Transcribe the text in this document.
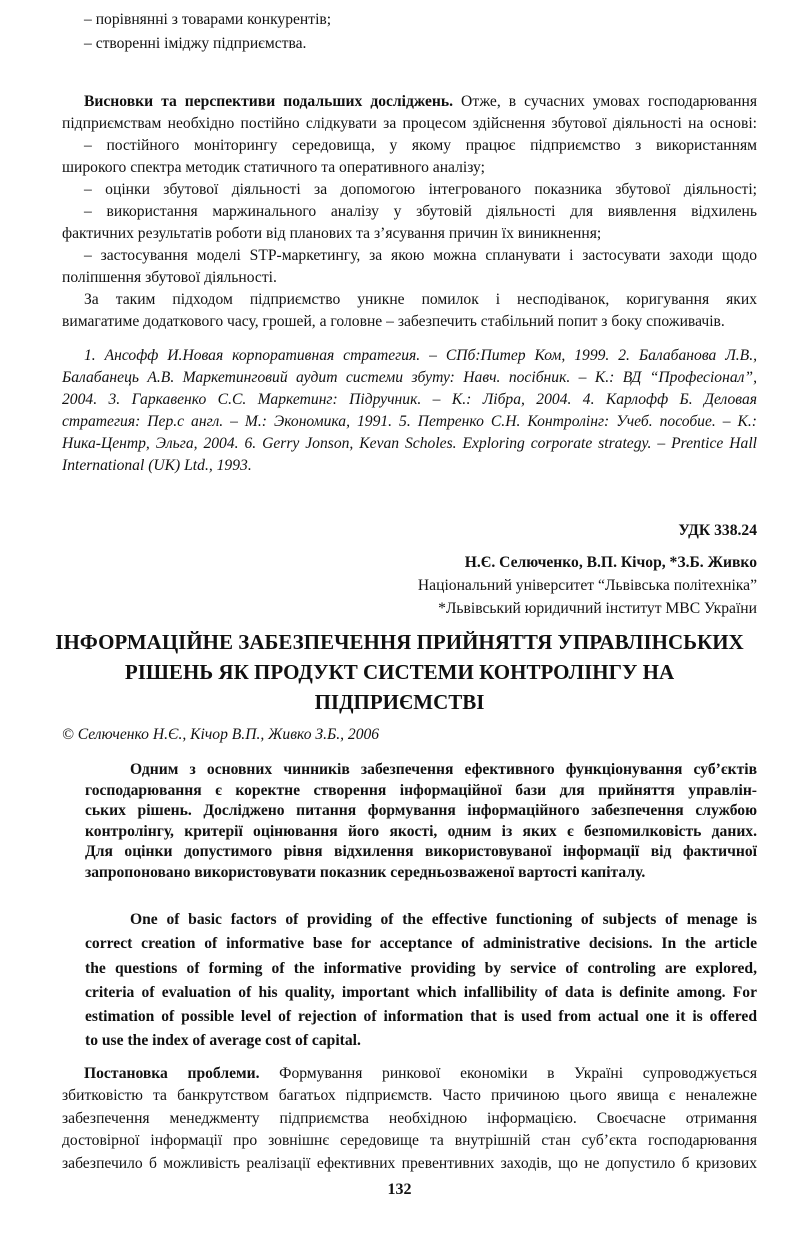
– порівнянні з товарами конкурентів;
– створенні іміджу підприємства.
Висновки та перспективи подальших досліджень. Отже, в сучасних умовах господарювання
підприємствам необхідно постійно слідкувати за процесом здійснення збутової діяльності на основі:
– постійного моніторингу середовища, у якому працює підприємство з використанням
широкого спектра методик статичного та оперативного аналізу;
– оцінки збутової діяльності за допомогою інтегрованого показника збутової діяльності;
– використання маржинального аналізу у збутовій діяльності для виявлення відхилень
фактичних результатів роботи від планових та з’ясування причин їх виникнення;
– застосування моделі STP-маркетингу, за якою можна спланувати і застосувати заходи щодо
поліпшення збутової діяльності.
За таким підходом підприємство уникне помилок і несподіванок, коригування яких
вимагатиме додаткового часу, грошей, а головне – забезпечить стабільний попит з боку споживачів.
1. Ансофф И.Новая корпоративная стратегия. – СПб:Питер Ком, 1999. 2. Балабанова Л.В.,
Балабанець А.В. Маркетинговий аудит системи збуту: Навч. посібник. – К.: ВД “Професіонал”,
2004. 3. Гаркавенко С.С. Маркетинг: Підручник. – К.: Лібра, 2004. 4. Карлофф Б. Деловая
стратегия: Пер.с англ. – М.: Экономика, 1991. 5. Петренко С.Н. Контролінг: Учеб. пособие. – К.:
Ника-Центр, Эльга, 2004. 6. Gerry Jonson, Kevan Scholes. Exploring corporate strategy. – Prentice Hall
International (UK) Ltd., 1993.
Одним з основних чинників забезпечення ефективного функціонування суб’єктів
господарювання є коректне створення інформаційної бази для прийняття управлін-
ських рішень. Досліджено питання формування інформаційного забезпечення службою
контролінгу, критерії оцінювання його якості, одним із яких є безпомилковість даних.
Для оцінки допустимого рівня відхилення використовуваної інформації від фактичної
запропоновано використовувати показник середньозваженої вартості капіталу.
One of basic factors of providing of the effective functioning of subjects of menage is
correct creation of informative base for acceptance of administrative decisions. In the article
the questions of forming of the informative providing by service of controling are explored,
criteria of evaluation of his quality, important which infallibility of data is definite among. For
estimation of possible level of rejection of information that is used from actual one it is offered
to use the index of average cost of capital.
Постановка проблеми. Формування ринкової економіки в Україні супроводжується
збитковістю та банкрутством багатьох підприємств. Часто причиною цього явища є неналежне
забезпечення менеджменту підприємства необхідною інформацією. Своєчасне отримання
достовірної інформації про зовнішнє середовище та внутрішній стан суб’єкта господарювання
забезпечило б можливість реалізації ефективних превентивних заходів, що не допустило б кризових
УДК 338.24
Н.Є. Селюченко, В.П. Кічор, *З.Б. Живко
Національний університет “Львівська політехніка”
*Львівський юридичний інститут МВС України
ІНФОРМАЦІЙНЕ ЗАБЕЗПЕЧЕННЯ ПРИЙНЯТТЯ УПРАВЛІНСЬКИХ
РІШЕНЬ ЯК ПРОДУКТ СИСТЕМИ КОНТРОЛІНГУ НА
ПІДПРИЄМСТВІ
© Селюченко Н.Є., Кічор В.П., Живко З.Б., 2006
132
